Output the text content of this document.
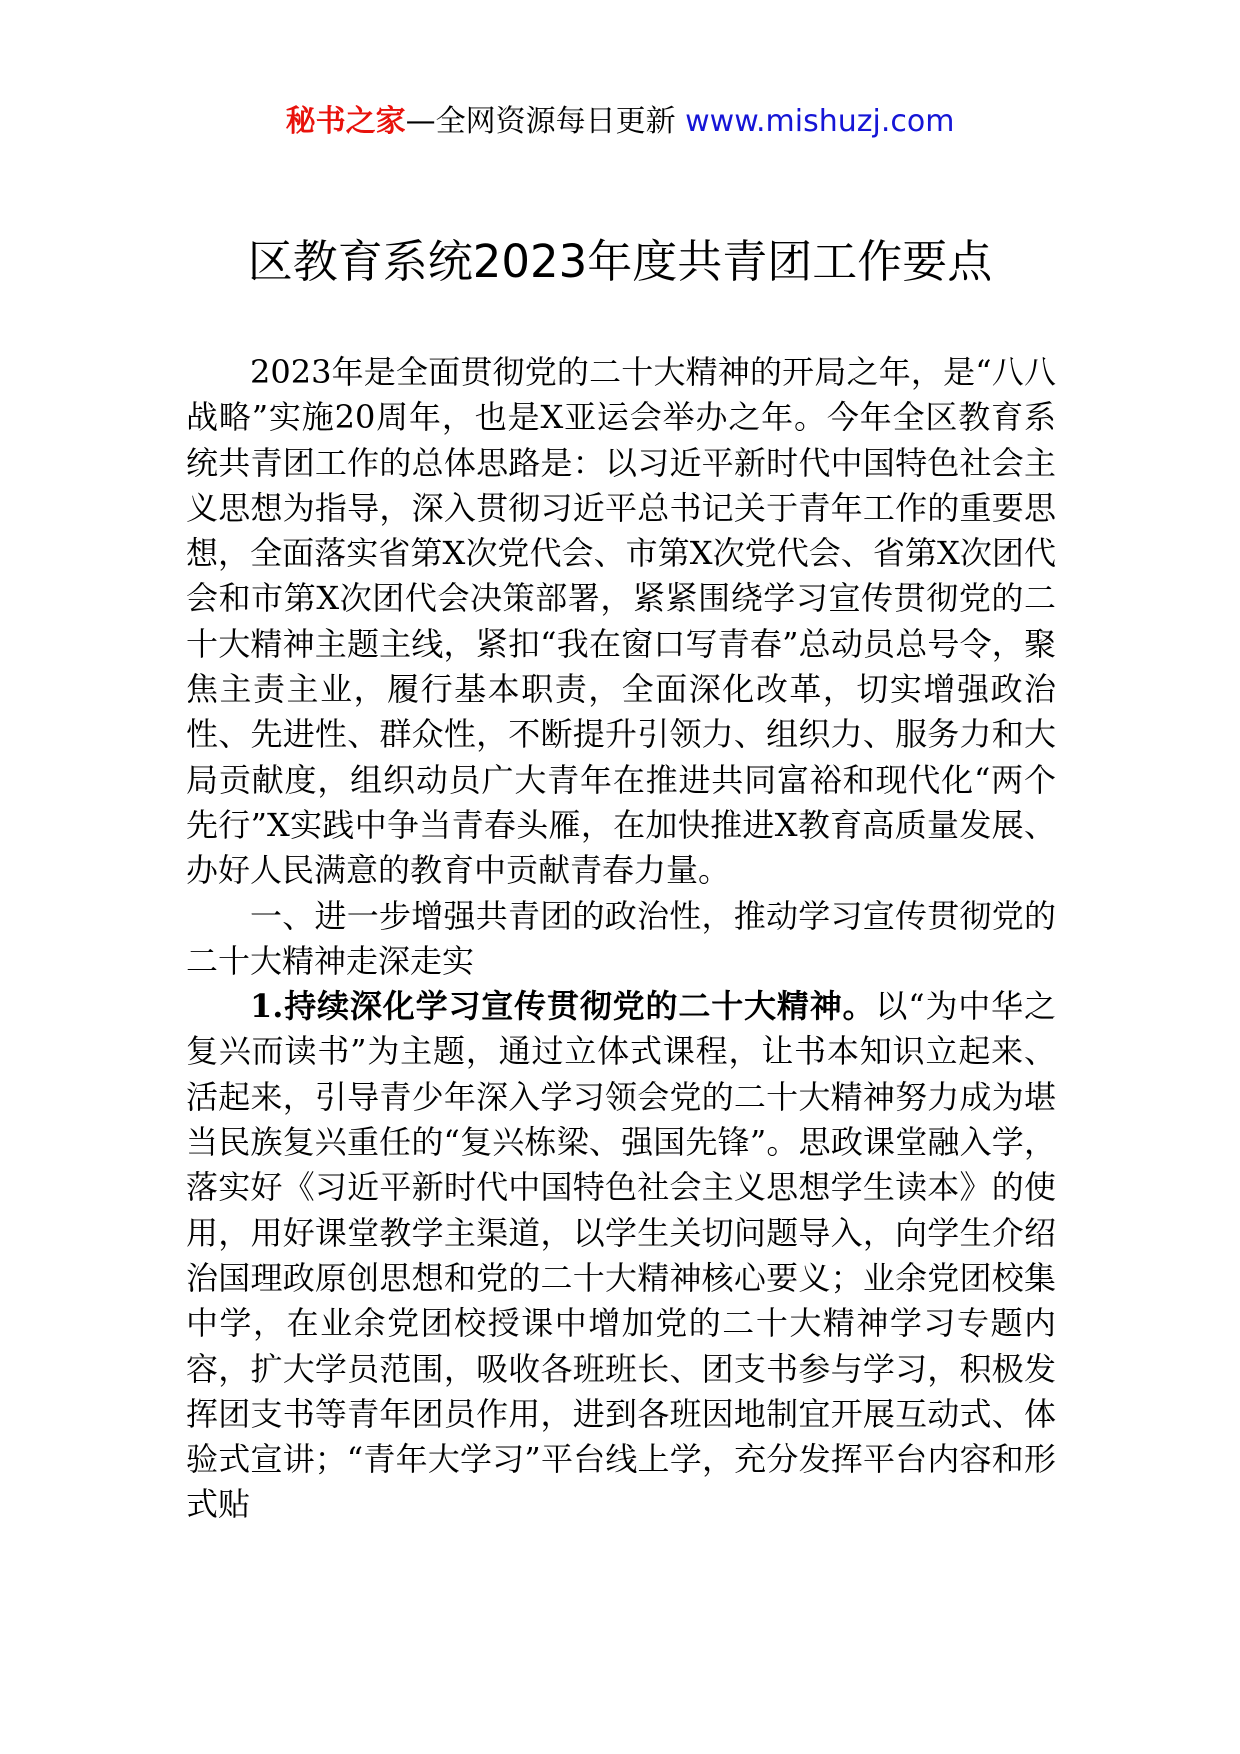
秘书之家—全网资源每日更新 www.mishuzj.com
区教育系统2023年度共青团工作要点

2023年是全面贯彻党的二十大精神的开局之年，是“八八战略”实施20周年，也是X亚运会举办之年。今年全区教育系统共青团工作的总体思路是：以习近平新时代中国特色社会主义思想为指导，深入贯彻习近平总书记关于青年工作的重要思想，全面落实省第X次党代会、市第X次党代会、省第X次团代会和市第X次团代会决策部署，紧紧围绕学习宣传贯彻党的二十大精神主题主线，紧扣“我在窗口写青春”总动员总号令，聚焦主责主业，履行基本职责，全面深化改革，切实增强政治性、先进性、群众性，不断提升引领力、组织力、服务力和大局贡献度，组织动员广大青年在推进共同富裕和现代化“两个先行”X实践中争当青春头雁，在加快推进X教育高质量发展、办好人民满意的教育中贡献青春力量。

一、进一步增强共青团的政治性，推动学习宣传贯彻党的二十大精神走深走实

1.持续深化学习宣传贯彻党的二十大精神。以“为中华之复兴而读书”为主题，通过立体式课程，让书本知识立起来、活起来，引导青少年深入学习领会党的二十大精神努力成为堪当民族复兴重任的“复兴栋梁、强国先锋”。思政课堂融入学，落实好《习近平新时代中国特色社会主义思想学生读本》的使用，用好课堂教学主渠道，以学生关切问题导入，向学生介绍治国理政原创思想和党的二十大精神核心要义；业余党团校集中学，在业余党团校授课中增加党的二十大精神学习专题内容，扩大学员范围，吸收各班班长、团支书参与学习，积极发挥团支书等青年团员作用，进到各班因地制宜开展互动式、体验式宣讲；“青年大学习”平台线上学，充分发挥平台内容和形式贴
